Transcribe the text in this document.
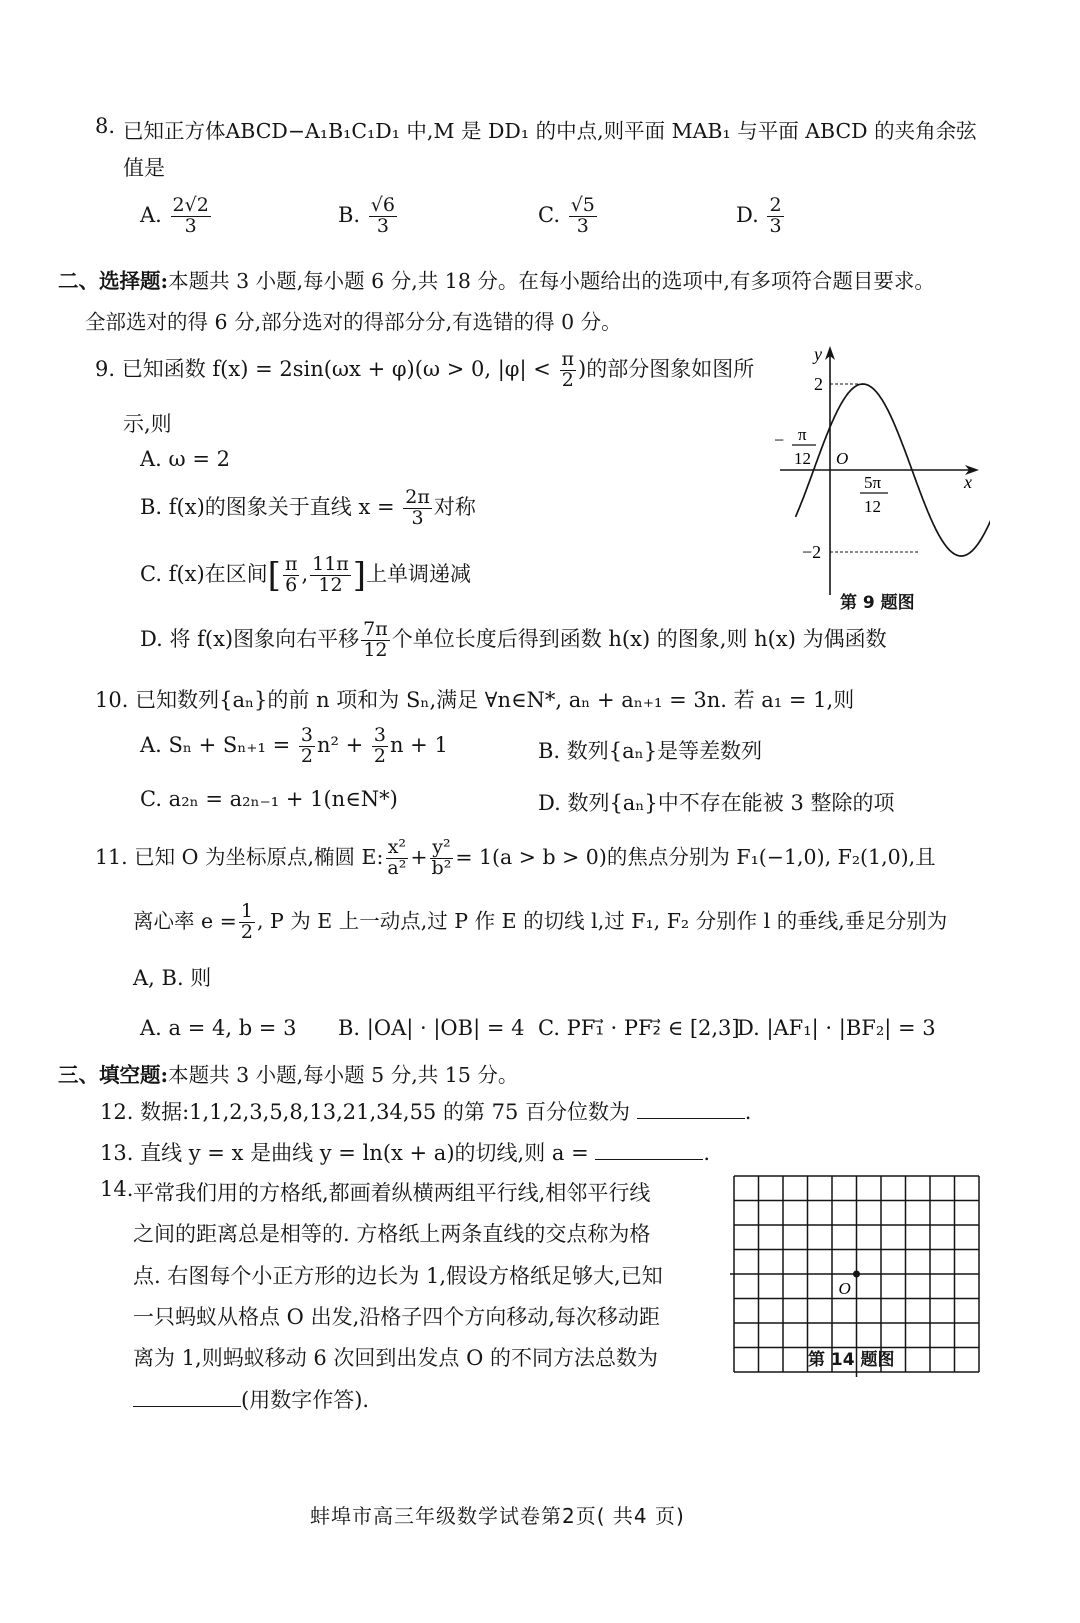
8. 已知正方体ABCD−A₁B₁C₁D₁ 中,M 是 DD₁ 的中点,则平面 MAB₁ 与平面 ABCD 的夹角余弦
值是
A. $\frac{2√2}{3}$	B. $\frac{√6}{3}$	C. $\frac{√5}{3}$	D. $\frac{2}{3}$
二、选择题:本题共 3 小题,每小题 6 分,共 18 分。在每小题给出的选项中,有多项符合题目要求。
全部选对的得 6 分,部分选对的得部分分,有选错的得 0 分。
9. 已知函数 f(x) = 2sin(ωx + φ)(ω > 0, $|\varphi| < \frac{\pi}{2}$ )的部分图象如图所
示,则
A. ω = 2
B. f(x)的图象关于直线 $x = \frac{2\pi}{3}$ 对称
C. f(x)在区间[ $\frac{\pi}{6}$ , $\frac{11\pi}{12}$ ]上单调递减
D. 将 f(x)图象向右平移 $\frac{7\pi}{12}$ 个单位长度后得到函数 h(x) 的图象,则 h(x) 为偶函数
y
x
2
−2
O
− π
12
5π
12
第 9 题图
10. 已知数列{aₙ}的前 n 项和为 Sₙ,满足 ∀n∈N*, aₙ + aₙ₊₁ = 3n. 若 a₁ = 1,则
A. $S_n + S_{n+1} = \frac{3}{2} n^2 + \frac{3}{2}$ n + 1	B. 数列{aₙ}是等差数列
C. a₂ₙ = a₂ₙ₋₁ + 1(n∈N*)	D. 数列{aₙ}中不存在能被 3 整除的项
11. 已知 O 为坐标原点,椭圆 E: $\frac{\text{x²}}{\text{a²}} + \frac{\text{y²}}{\text{b²}} = 1(a > b > 0)$的焦点分别为 F₁(−1,0), F₂(1,0),且
离心率 $e = \frac{1}{2}$ , P 为 E 上一动点,过 P 作 E 的切线 l,过 F₁, F₂ 分别作 l 的垂线,垂足分别为
A, B. 则
A. a = 4, b = 3 B. |OA| · |OB| = 4 C. PF₁⃗ · PF₂⃗ ∈ [2,3]
D. |AF₁| · |BF₂| = 3
三、填空题:本题共 3 小题,每小题 5 分,共 15 分。
12. 数据:1,1,2,3,5,8,13,21,34,55 的第 75 百分位数为	.
13. 直线 y = x 是曲线 y = ln(x + a)的切线,则 a =	.
14. 平常我们用的方格纸,都画着纵横两组平行线,相邻平行线
之间的距离总是相等的. 方格纸上两条直线的交点称为格
点. 右图每个小正方形的边长为 1,假设方格纸足够大,已知
一只蚂蚁从格点 O 出发,沿格子四个方向移动,每次移动距
离为 1,则蚂蚁移动 6 次回到出发点 O 的不同方法总数为
(用数字作答).
O
第 14 题图
蚌埠市高三年级数学试卷第2页( 共4 页)
